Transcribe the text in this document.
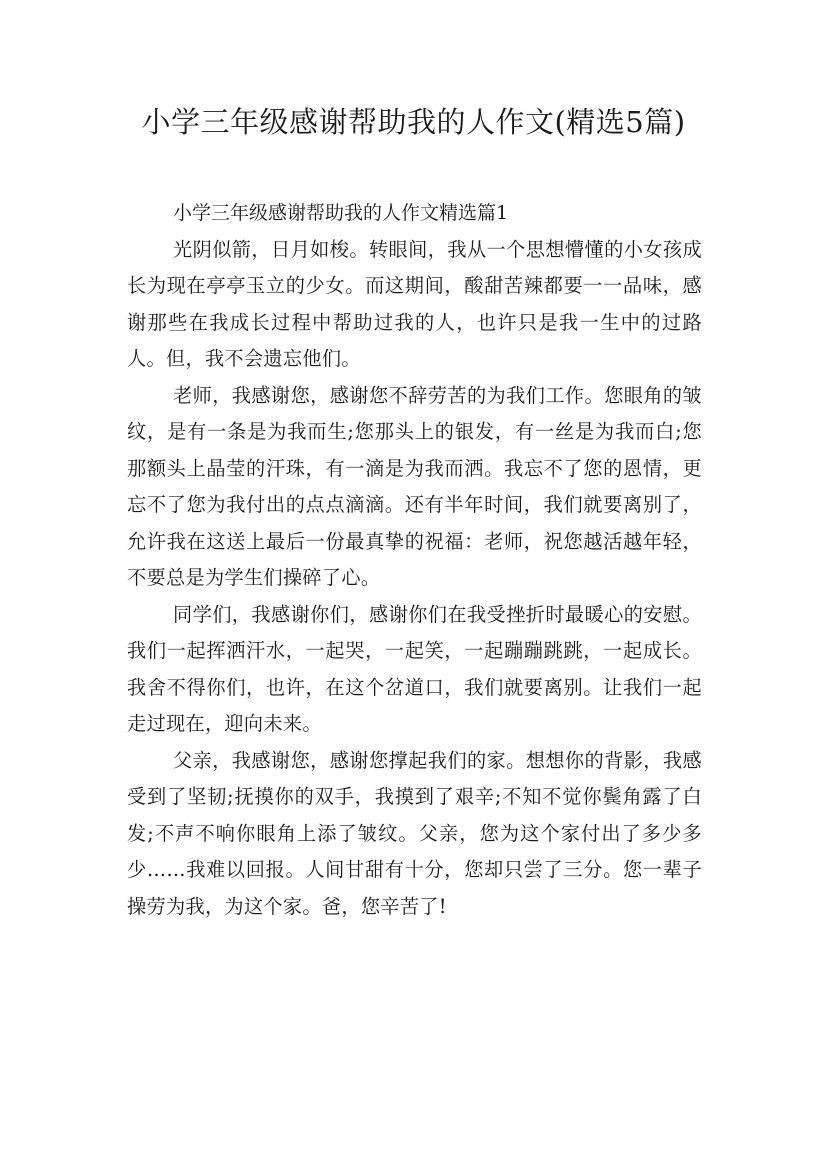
小学三年级感谢帮助我的人作文(精选5篇)
小学三年级感谢帮助我的人作文精选篇1

光阴似箭，日月如梭。转眼间，我从一个思想懵懂的小女孩成长为现在亭亭玉立的少女。而这期间，酸甜苦辣都要一一品味，感谢那些在我成长过程中帮助过我的人，也许只是我一生中的过路人。但，我不会遗忘他们。

老师，我感谢您，感谢您不辞劳苦的为我们工作。您眼角的皱纹，是有一条是为我而生;您那头上的银发，有一丝是为我而白;您那额头上晶莹的汗珠，有一滴是为我而洒。我忘不了您的恩情，更忘不了您为我付出的点点滴滴。还有半年时间，我们就要离别了，允许我在这送上最后一份最真挚的祝福：老师，祝您越活越年轻，不要总是为学生们操碎了心。

同学们，我感谢你们，感谢你们在我受挫折时最暖心的安慰。我们一起挥洒汗水，一起哭，一起笑，一起蹦蹦跳跳，一起成长。我舍不得你们，也许，在这个岔道口，我们就要离别。让我们一起走过现在，迎向未来。

父亲，我感谢您，感谢您撑起我们的家。想想你的背影，我感受到了坚韧;抚摸你的双手，我摸到了艰辛;不知不觉你鬓角露了白发;不声不响你眼角上添了皱纹。父亲，您为这个家付出了多少多少……我难以回报。人间甘甜有十分，您却只尝了三分。您一辈子操劳为我，为这个家。爸，您辛苦了!
